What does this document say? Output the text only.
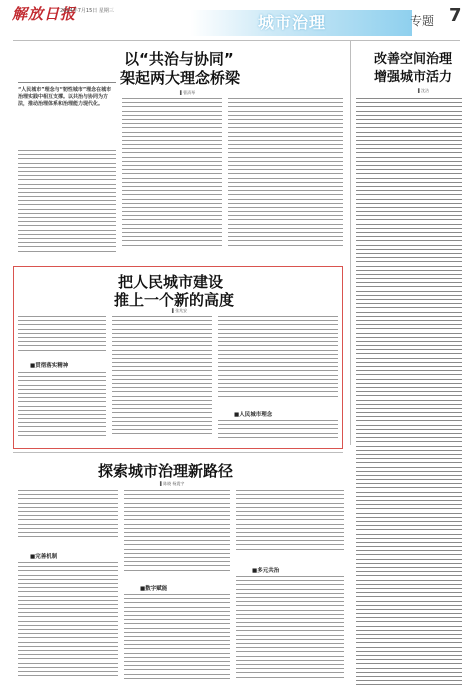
解放日报
2024年7月15日 星期三
城市治理	专题 7
以“共治与协同”
架起两大理念桥梁
▌曹清琴
“人民城市”理念与“韧性城市”理念在城市治理实践中相互支撑。以共治与协同为方法，推动治理体系和治理能力现代化。
改善空间治理
增强城市活力
▌沈洁
把人民城市建设
推上一个新的高度
▌张兆安
■贯彻落实精神
■人民城市理念
探索城市治理新路径
▌陈晓 杨震宇
■完善机制
■数字赋能
■多元共治
